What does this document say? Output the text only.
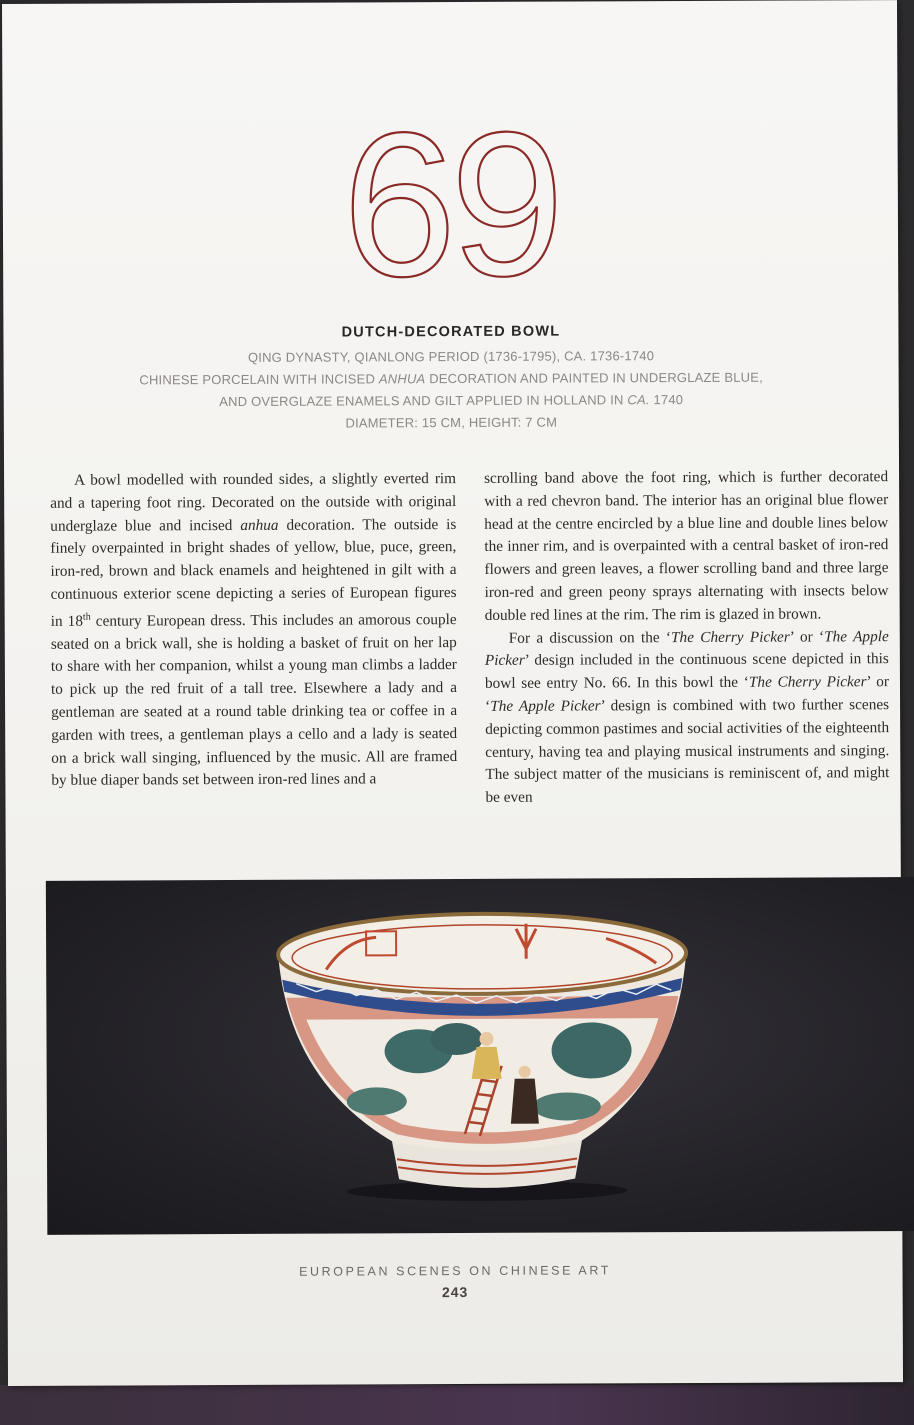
69
DUTCH-DECORATED BOWL
QING DYNASTY, QIANLONG PERIOD (1736-1795), CA. 1736-1740
CHINESE PORCELAIN WITH INCISED ANHUA DECORATION AND PAINTED IN UNDERGLAZE BLUE,
AND OVERGLAZE ENAMELS AND GILT APPLIED IN HOLLAND IN CA. 1740
DIAMETER: 15 CM, HEIGHT: 7 CM

A bowl modelled with rounded sides, a slightly everted rim and a tapering foot ring. Decorated on the outside with original underglaze blue and incised anhua decoration. The outside is finely overpainted in bright shades of yellow, blue, puce, green, iron-red, brown and black enamels and heightened in gilt with a continuous exterior scene depicting a series of European figures in 18th century European dress. This includes an amorous couple seated on a brick wall, she is holding a basket of fruit on her lap to share with her companion, whilst a young man climbs a ladder to pick up the red fruit of a tall tree. Elsewhere a lady and a gentleman are seated at a round table drinking tea or coffee in a garden with trees, a gentleman plays a cello and a lady is seated on a brick wall singing, influenced by the music. All are framed by blue diaper bands set between iron-red lines and a

scrolling band above the foot ring, which is further decorated with a red chevron band. The interior has an original blue flower head at the centre encircled by a blue line and double lines below the inner rim, and is overpainted with a central basket of iron-red flowers and green leaves, a flower scrolling band and three large iron-red and green peony sprays alternating with insects below double red lines at the rim. The rim is glazed in brown.

For a discussion on the ‘The Cherry Picker’ or ‘The Apple Picker’ design included in the continuous scene depicted in this bowl see entry No. 66. In this bowl the ‘The Cherry Picker’ or ‘The Apple Picker’ design is combined with two further scenes depicting common pastimes and social activities of the eighteenth century, having tea and playing musical instruments and singing. The subject matter of the musicians is reminiscent of, and might be even

EUROPEAN SCENES ON CHINESE ART
243
